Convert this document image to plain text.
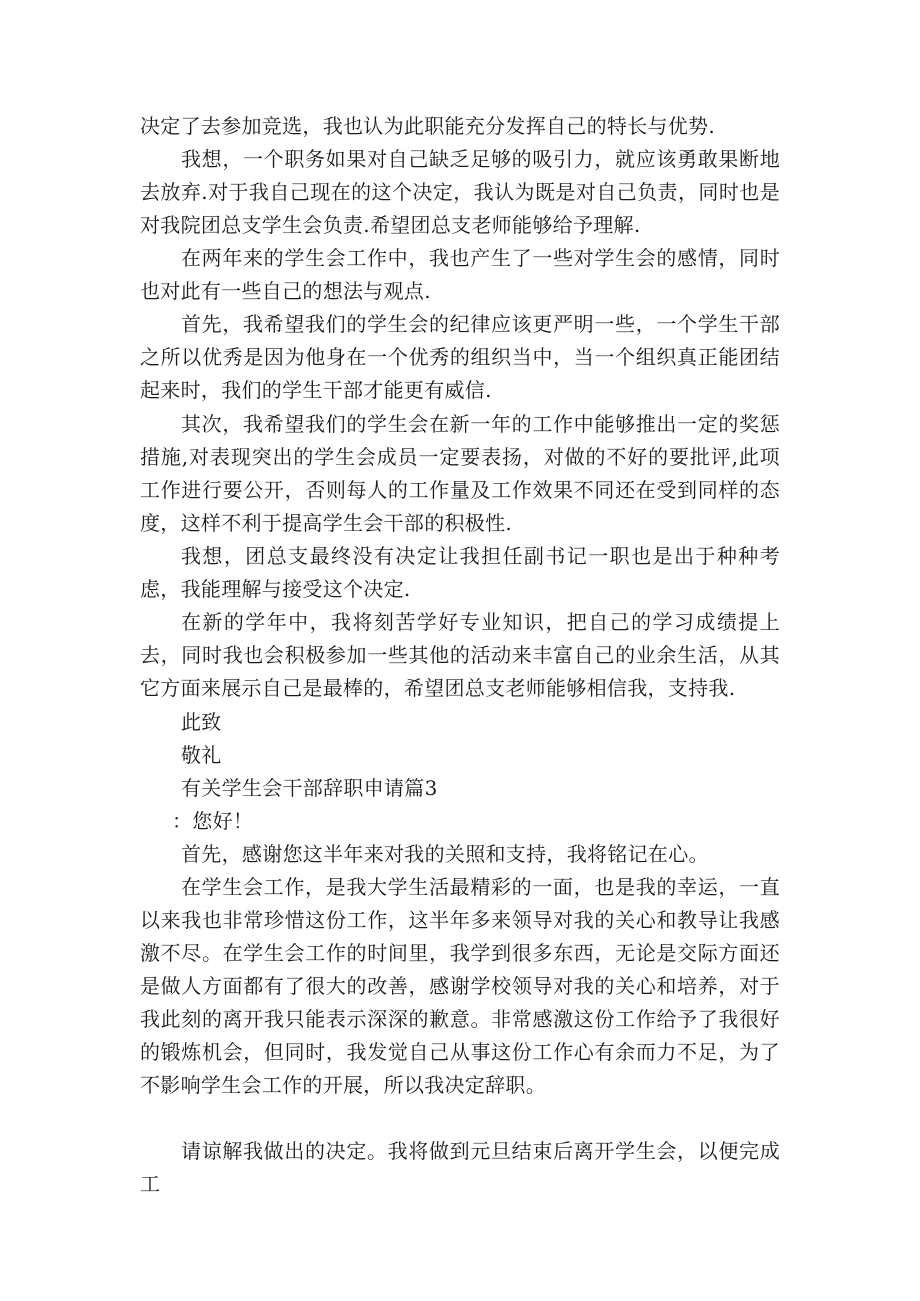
决定了去参加竞选，我也认为此职能充分发挥自己的特长与优势.

我想，一个职务如果对自己缺乏足够的吸引力，就应该勇敢果断地去放弃.对于我自己现在的这个决定，我认为既是对自己负责，同时也是对我院团总支学生会负责.希望团总支老师能够给予理解.

在两年来的学生会工作中，我也产生了一些对学生会的感情，同时也对此有一些自己的想法与观点.

首先，我希望我们的学生会的纪律应该更严明一些，一个学生干部之所以优秀是因为他身在一个优秀的组织当中，当一个组织真正能团结起来时，我们的学生干部才能更有威信.

其次，我希望我们的学生会在新一年的工作中能够推出一定的奖惩措施,对表现突出的学生会成员一定要表扬，对做的不好的要批评,此项工作进行要公开，否则每人的工作量及工作效果不同还在受到同样的态度，这样不利于提高学生会干部的积极性.

我想，团总支最终没有决定让我担任副书记一职也是出于种种考虑，我能理解与接受这个决定.

在新的学年中，我将刻苦学好专业知识，把自己的学习成绩提上去，同时我也会积极参加一些其他的活动来丰富自己的业余生活，从其它方面来展示自己是最棒的，希望团总支老师能够相信我，支持我.

此致

敬礼

有关学生会干部辞职申请篇3

：您好！

首先，感谢您这半年来对我的关照和支持，我将铭记在心。

在学生会工作，是我大学生活最精彩的一面，也是我的幸运，一直以来我也非常珍惜这份工作，这半年多来领导对我的关心和教导让我感激不尽。在学生会工作的时间里，我学到很多东西，无论是交际方面还是做人方面都有了很大的改善，感谢学校领导对我的关心和培养，对于我此刻的离开我只能表示深深的歉意。非常感激这份工作给予了我很好的锻炼机会，但同时，我发觉自己从事这份工作心有余而力不足，为了不影响学生会工作的开展，所以我决定辞职。

请谅解我做出的决定。我将做到元旦结束后离开学生会，以便完成工
